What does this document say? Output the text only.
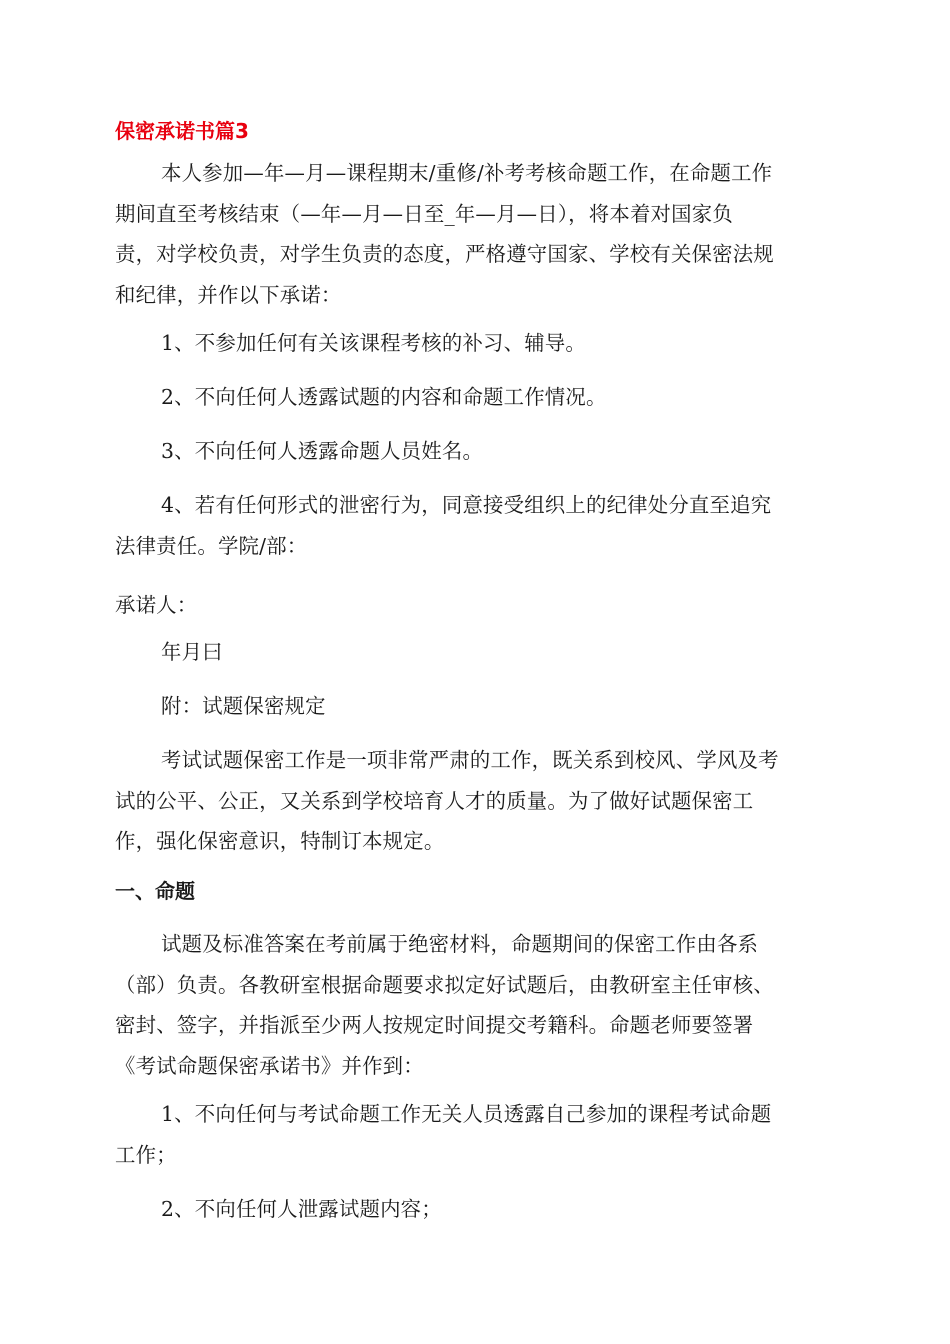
保密承诺书篇3

本人参加—年—月—课程期末/重修/补考考核命题工作，在命题工作
期间直至考核结束（—年—月—日至_年—月—日），将本着对国家负
责，对学校负责，对学生负责的态度，严格遵守国家、学校有关保密法规
和纪律，并作以下承诺：

1、不参加任何有关该课程考核的补习、辅导。

2、不向任何人透露试题的内容和命题工作情况。

3、不向任何人透露命题人员姓名。

4、若有任何形式的泄密行为，同意接受组织上的纪律处分直至追究
法律责任。学院/部：

承诺人：

年月曰

附：试题保密规定

考试试题保密工作是一项非常严肃的工作，既关系到校风、学风及考
试的公平、公正，又关系到学校培育人才的质量。为了做好试题保密工
作，强化保密意识，特制订本规定。

一、命题

试题及标准答案在考前属于绝密材料，命题期间的保密工作由各系
（部）负责。各教研室根据命题要求拟定好试题后，由教研室主任审核、
密封、签字，并指派至少两人按规定时间提交考籍科。命题老师要签署
《考试命题保密承诺书》并作到：

1、不向任何与考试命题工作无关人员透露自己参加的课程考试命题
工作；

2、不向任何人泄露试题内容；
